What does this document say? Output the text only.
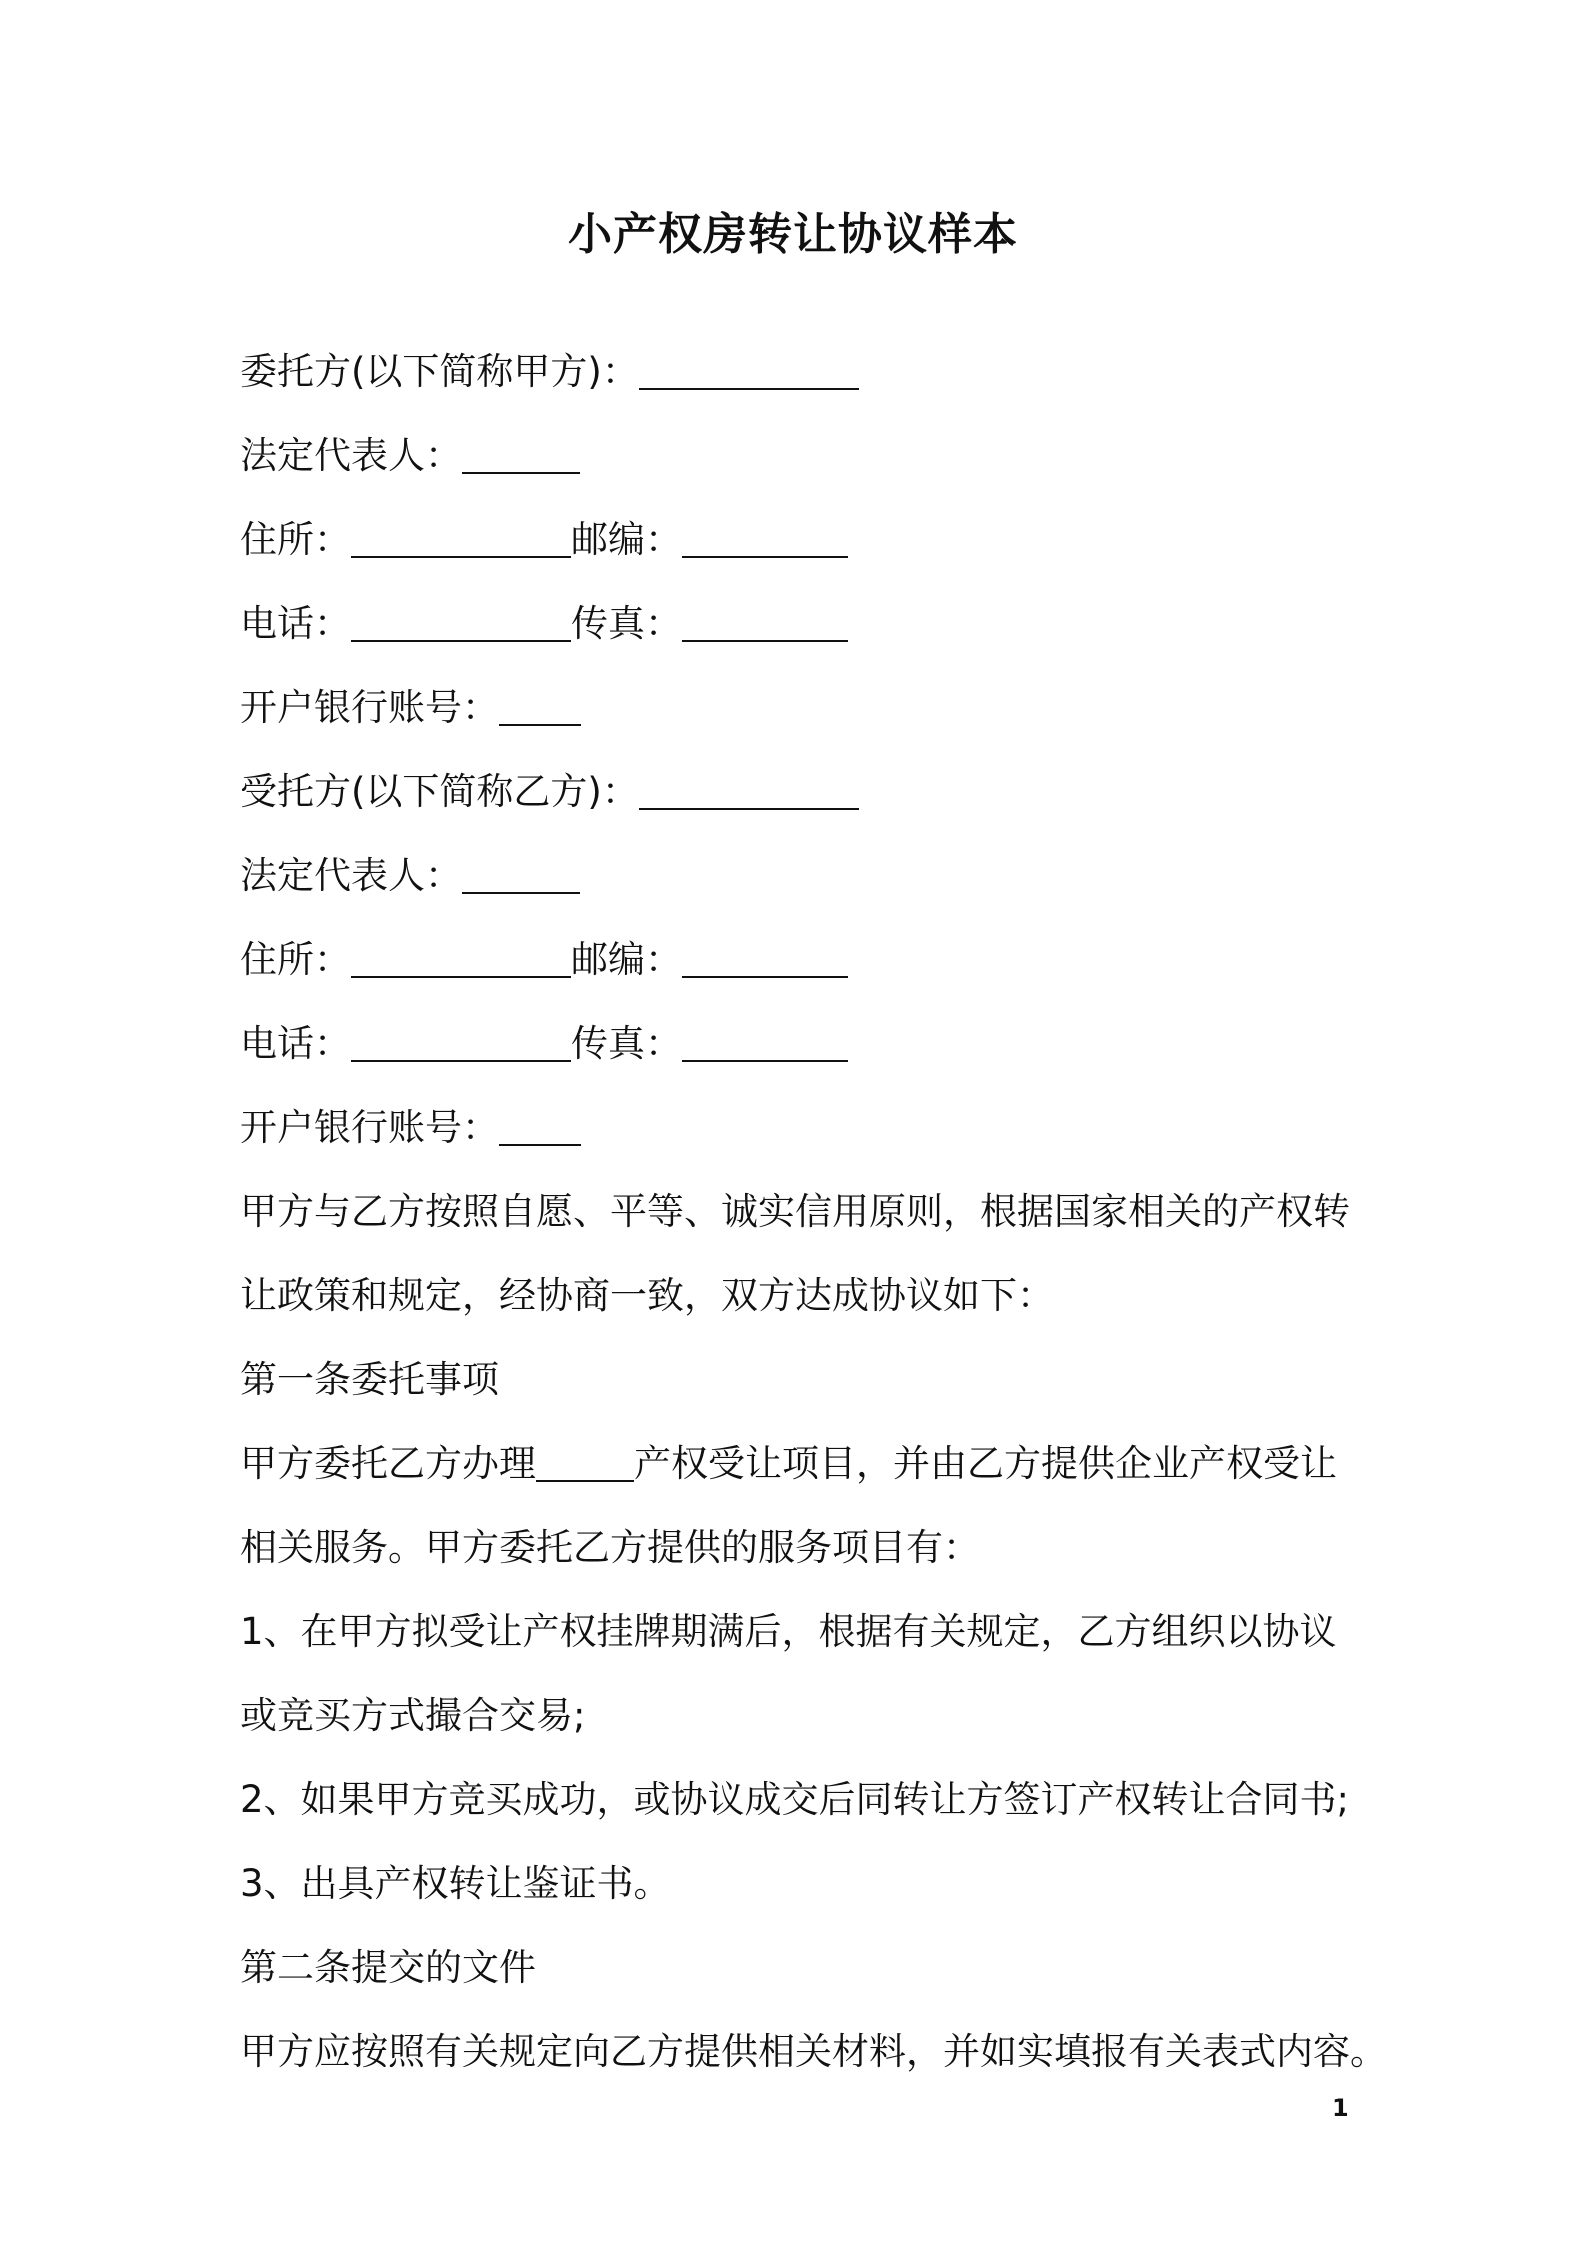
小产权房转让协议样本
委托方(以下简称甲方)：
法定代表人：
住所：	邮编：
电话：	传真：
开户银行账号：
受托方(以下简称乙方)：
法定代表人：
住所：	邮编：
电话：	传真：
开户银行账号：
甲方与乙方按照自愿、平等、诚实信用原则，根据国家相关的产权转
让政策和规定，经协商一致，双方达成协议如下：
第一条委托事项
甲方委托乙方办理	产权受让项目，并由乙方提供企业产权受让
相关服务。甲方委托乙方提供的服务项目有：
1、在甲方拟受让产权挂牌期满后，根据有关规定，乙方组织以协议
或竞买方式撮合交易;
2、如果甲方竞买成功，或协议成交后同转让方签订产权转让合同书;
3、出具产权转让鉴证书。
第二条提交的文件
甲方应按照有关规定向乙方提供相关材料，并如实填报有关表式内容。
1
